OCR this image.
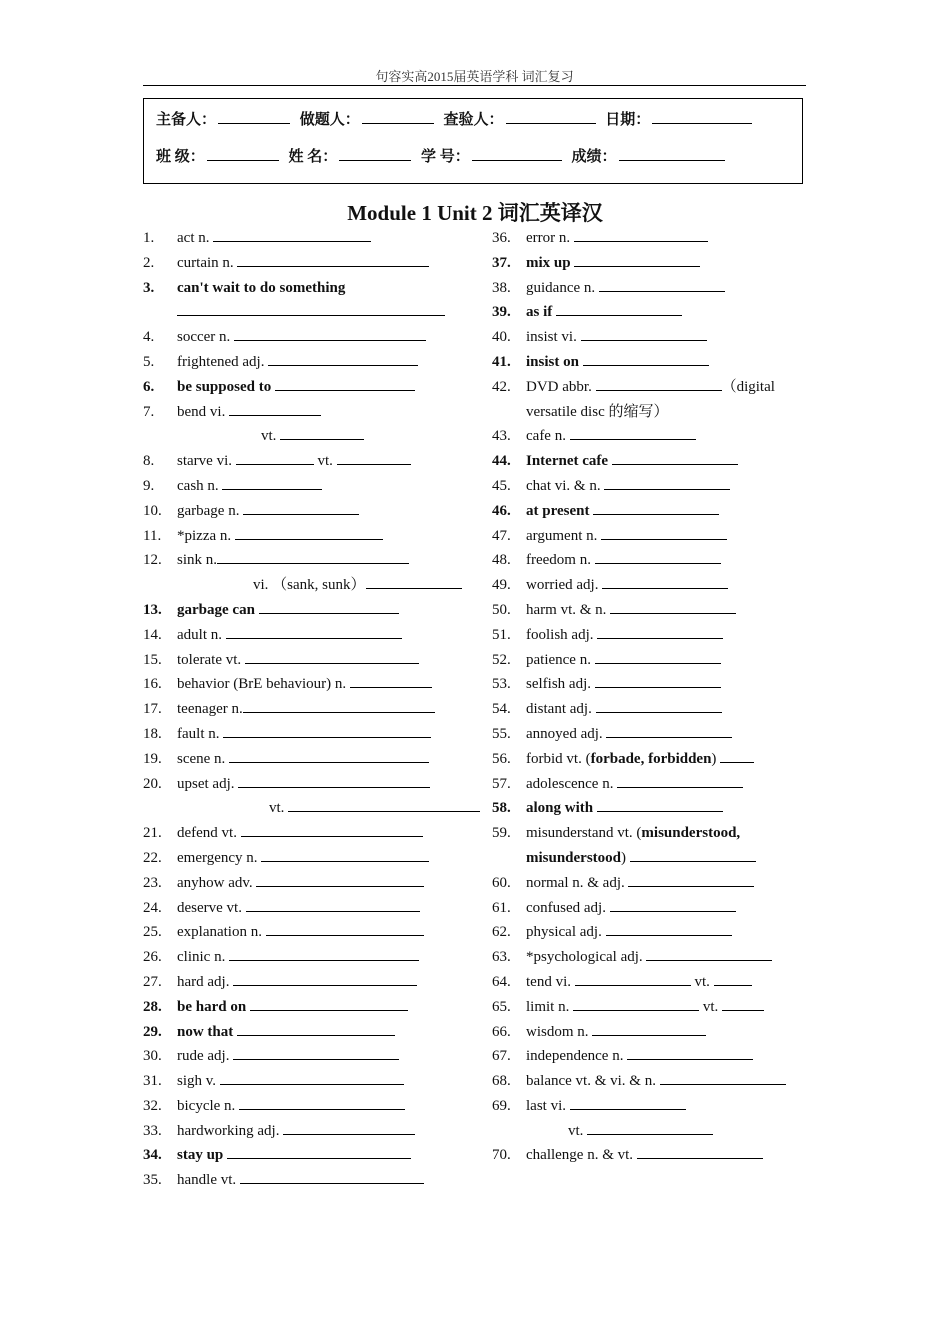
句容实高2015届英语学科 词汇复习
主备人：	做题人：	查验人：	日期：
班 级：	姓 名：	学 号：	成绩：
Module 1 Unit 2 词汇英译汉
1.	act n.
2.	curtain n.
3.	can't wait to do something
4.	soccer n.
5.	frightened adj.
6.	be supposed to
7.	bend vi.
vt.
8.	starve vi.	vt.
9.	cash n.
10.	garbage n.
11.	*pizza n.
12.	sink n.
vi. （sank, sunk）
13.	garbage can
14.	adult n.
15.	tolerate vt.
16.	behavior (BrE behaviour) n.
17.	teenager n.
18.	fault n.
19.	scene n.
20.	upset adj.
vt.
21.	defend vt.
22.	emergency n.
23.	anyhow adv.
24.	deserve vt.
25.	explanation n.
26.	clinic n.
27.	hard adj.
28.	be hard on
29.	now that
30.	rude adj.
31.	sigh v.
32.	bicycle n.
33.	hardworking adj.
34.	stay up
35.	handle vt.
36.	error n.
37.	mix up
38.	guidance n.
39.	as if
40.	insist vi.
41.	insist on
42.	DVD abbr.	（digital
versatile disc 的缩写）
43.	cafe n.
44.	Internet cafe
45.	chat vi. & n.
46.	at present
47.	argument n.
48.	freedom n.
49.	worried adj.
50.	harm vt. & n.
51.	foolish adj.
52.	patience n.
53.	selfish adj.
54.	distant adj.
55.	annoyed adj.
56.	forbid vt. (forbade, forbidden)
57.	adolescence n.
58.	along with
59.	misunderstand vt. (misunderstood,
misunderstood)
60.	normal n. & adj.
61.	confused adj.
62.	physical adj.
63.	*psychological adj.
64.	tend vi.	vt.
65.	limit n.	vt.
66.	wisdom n.
67.	independence n.
68.	balance vt. & vi. & n.
69.	last vi.
vt.
70.	challenge n. & vt.
